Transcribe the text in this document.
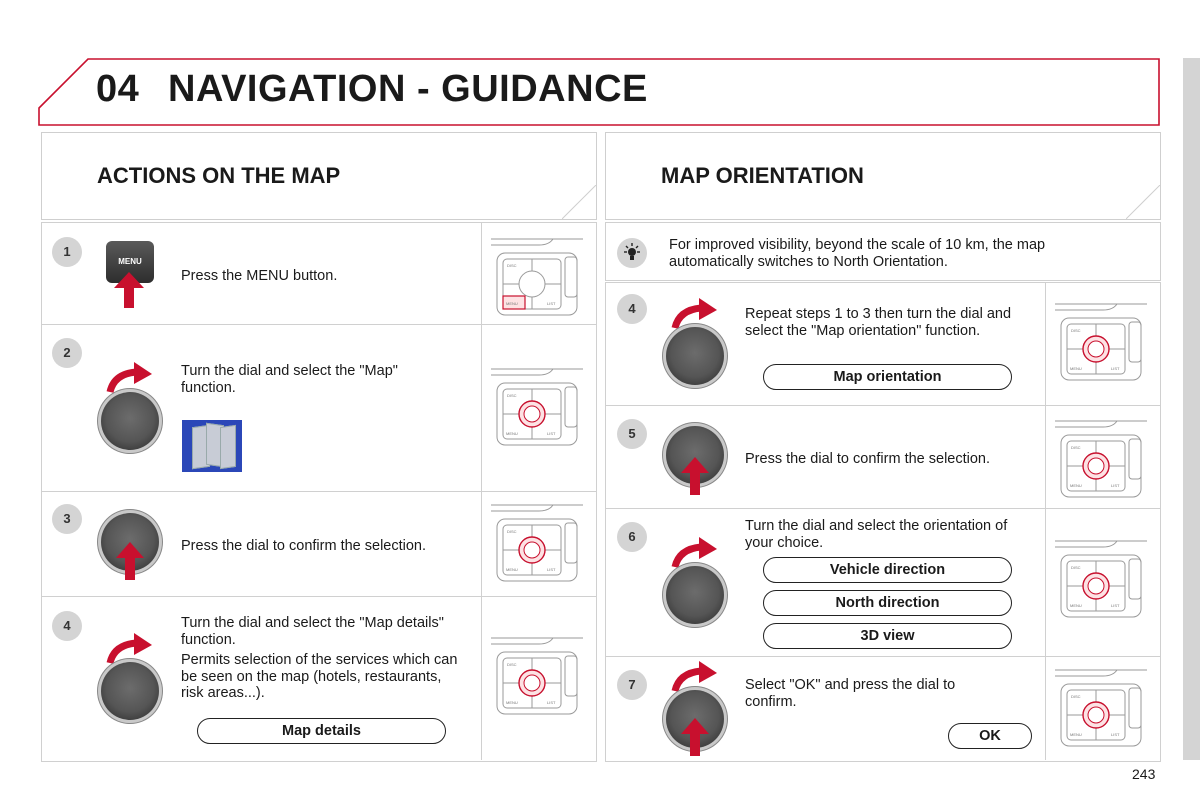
04 NAVIGATION - GUIDANCE
ACTIONS ON THE MAP	MAP ORIENTATION
1
MENU
Press the MENU button.
2
Turn the dial and select the "Map" function.
3
Press the dial to confirm the selection.
4	Turn the dial and select the "Map details" function.
Permits selection of the services which can be seen on the map (hotels, restaurants, risk areas...).
Map details
For improved visibility, beyond the scale of 10 km, the map automatically switches to North Orientation.
4	Repeat steps 1 to 3 then turn the dial and select the "Map orientation" function.
Map orientation
5
Press the dial to confirm the selection.
6
Turn the dial and select the orientation of your choice.
Vehicle direction
North direction
3D view
7	Select "OK" and press the dial to confirm.
OK
DISC
MENU	LIST
DISC
MENU	LIST
DISC
MENU	LIST
DISC
MENU	LIST
DISC
MENU	LIST
DISC
MENU	LIST
DISC
MENU	LIST
DISC
MENU	LIST
243
